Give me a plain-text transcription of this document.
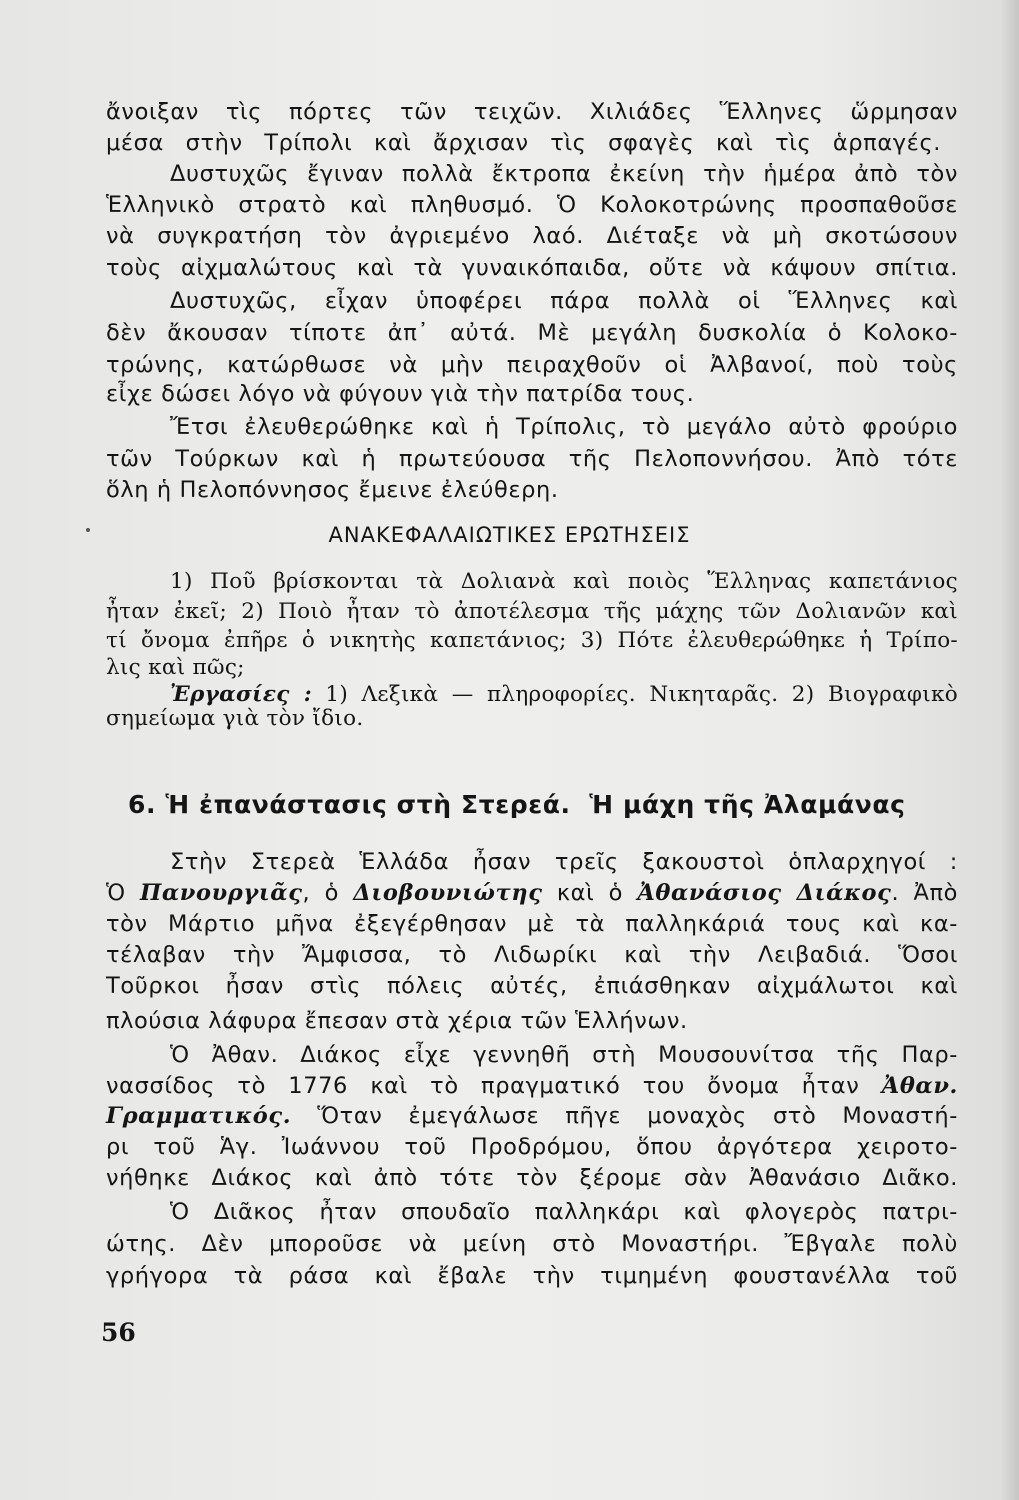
ἄνοιξαν τὶς πόρτες τῶν τειχῶν. Χιλιάδες Ἕλληνες ὥρμησαν
μέσα στὴν Τρίπολι καὶ ἄρχισαν τὶς σφαγὲς καὶ τὶς ἁρπαγές.
Δυστυχῶς ἔγιναν πολλὰ ἔκτροπα ἐκείνη τὴν ἡμέρα ἀπὸ τὸν
Ἑλληνικὸ στρατὸ καὶ πληθυσμό. Ὁ Κολοκοτρώνης προσπαθοῦσε
νὰ συγκρατήση τὸν ἀγριεμένο λαό. Διέταξε νὰ μὴ σκοτώσουν
τοὺς αἰχμαλώτους καὶ τὰ γυναικόπαιδα, οὔτε νὰ κάψουν σπίτια.
Δυστυχῶς, εἶχαν ὑποφέρει πάρα πολλὰ οἱ Ἕλληνες καὶ
δὲν ἄκουσαν τίποτε ἀπ᾿ αὐτά. Μὲ μεγάλη δυσκολία ὁ Κολοκο-
τρώνης, κατώρθωσε νὰ μὴν πειραχθοῦν οἱ Ἀλβανοί, ποὺ τοὺς
εἶχε δώσει λόγο νὰ φύγουν γιὰ τὴν πατρίδα τους.
Ἔτσι ἐλευθερώθηκε καὶ ἡ Τρίπολις, τὸ μεγάλο αὐτὸ φρούριο
τῶν Τούρκων καὶ ἡ πρωτεύουσα τῆς Πελοποννήσου. Ἀπὸ τότε
ὅλη ἡ Πελοπόννησος ἔμεινε ἐλεύθερη.
ΑΝΑΚΕΦΑΛΑΙΩΤΙΚΕΣ ΕΡΩΤΗΣΕΙΣ
1) Ποῦ βρίσκονται τὰ Δολιανὰ καὶ ποιὸς Ἕλληνας καπετάνιος
ἦταν ἐκεῖ; 2) Ποιὸ ἦταν τὸ ἀποτέλεσμα τῆς μάχης τῶν Δολιανῶν καὶ
τί ὄνομα ἐπῆρε ὁ νικητὴς καπετάνιος; 3) Πότε ἐλευθερώθηκε ἡ Τρίπο-
λις καὶ πῶς;
Ἐργασίες : 1) Λεξικὰ — πληροφορίες. Νικηταρᾶς. 2) Βιογραφικὸ
σημείωμα γιὰ τὸν ἴδιο.
6. Ἡ ἐπανάστασις στὴ Στερεά. Ἡ μάχη τῆς Ἀλαμάνας
Στὴν Στερεὰ Ἑλλάδα ἦσαν τρεῖς ξακουστοὶ ὁπλαρχηγοί :
Ὁ Πανουργιᾶς, ὁ Διοβουνιώτης καὶ ὁ Ἀθανάσιος Διάκος. Ἀπὸ
τὸν Μάρτιο μῆνα ἐξεγέρθησαν μὲ τὰ παλληκάριά τους καὶ κα-
τέλαβαν τὴν Ἄμφισσα, τὸ Λιδωρίκι καὶ τὴν Λειβαδιά. Ὅσοι
Τοῦρκοι ἦσαν στὶς πόλεις αὐτές, ἐπιάσθηκαν αἰχμάλωτοι καὶ
πλούσια λάφυρα ἔπεσαν στὰ χέρια τῶν Ἑλλήνων.
Ὁ Ἀθαν. Διάκος εἶχε γεννηθῆ στὴ Μουσουνίτσα τῆς Παρ-
νασσίδος τὸ 1776 καὶ τὸ πραγματικό του ὄνομα ἦταν Ἀθαν.
Γραμματικός. Ὅταν ἐμεγάλωσε πῆγε μοναχὸς στὸ Μοναστή-
ρι τοῦ Ἁγ. Ἰωάννου τοῦ Προδρόμου, ὅπου ἀργότερα χειροτο-
νήθηκε Διάκος καὶ ἀπὸ τότε τὸν ξέρομε σὰν Ἀθανάσιο Διᾶκο.
Ὁ Διᾶκος ἦταν σπουδαῖο παλληκάρι καὶ φλογερὸς πατρι-
ώτης. Δὲν μποροῦσε νὰ μείνη στὸ Μοναστήρι. Ἔβγαλε πολὺ
γρήγορα τὰ ράσα καὶ ἔβαλε τὴν τιμημένη φουστανέλλα τοῦ
56
